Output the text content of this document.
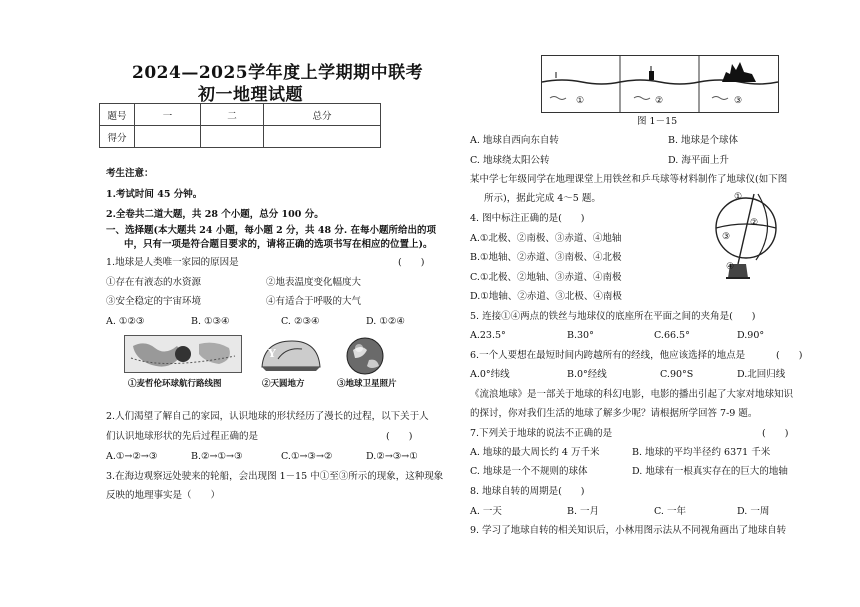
2024—2025学年度上学期期中联考
初一地理试题
题号	一	二	总分
得分			
考生注意：
1.考试时间 45 分钟。
2.全卷共二道大题，共 28 个小题，总分 100 分。
一、选择题(本大题共 24 小题，每小题 2 分，共 48 分. 在每小题所给出的项
中，只有一项是符合题目要求的，请将正确的选项书写在相应的位置上)。
1.地球是人类唯一家园的原因是	(　　)
①存在有液态的水资源	②地表温度变化幅度大
③安全稳定的宇宙环境	④有适合于呼吸的大气
A. ①②③	B. ①③④	C. ②③④	D. ①②④
①麦哲伦环球航行路线图
Y
②天圆地方	③地球卫星照片
2.人们渴望了解自己的家园，认识地球的形状经历了漫长的过程，以下关于人
们认识地球形状的先后过程正确的是	(　　)
A.①→②→③	B.②→①→③	C.①→③→②	D.②→③→①
3.在海边观察远处驶来的轮船，会出现图 1－15 中①至③所示的现象，这种现象
反映的地理事实是（　　）
①	②	③
图 1－15
A. 地球自西向东自转	B. 地球是个球体
C. 地球绕太阳公转	D. 海平面上升
某中学七年级同学在地理课堂上用铁丝和乒乓球等材料制作了地球仪(如下图
所示)，据此完成 4～5 题。
4. 图中标注正确的是(　　)
A.①北极、②南极、③赤道、④地轴
B.①地轴、②赤道、③南极、④北极
C.①北极、②地轴、③赤道、④南极
D.①地轴、②赤道、③北极、④南极
①
②
③
④
5. 连接①④两点的铁丝与地球仪的底座所在平面之间的夹角是(　　)
A.23.5°	B.30°	C.66.5°	D.90°
6.一个人要想在最短时间内跨越所有的经线，他应该选择的地点是	(　　)
A.0°纬线	B.0°经线	C.90°S	D.北回归线
《流浪地球》是一部关于地球的科幻电影，电影的播出引起了大家对地球知识
的探讨，你对我们生活的地球了解多少呢？请根据所学回答 7-9 题。
7.下列关于地球的说法不正确的是	(　　)
A. 地球的最大周长约 4 万千米	B. 地球的平均半径约 6371 千米
C. 地球是一个不规则的球体	D. 地球有一根真实存在的巨大的地轴
8. 地球自转的周期是(　　)
A. 一天	B. 一月	C. 一年	D. 一周
9. 学习了地球自转的相关知识后，小林用图示法从不同视角画出了地球自转
